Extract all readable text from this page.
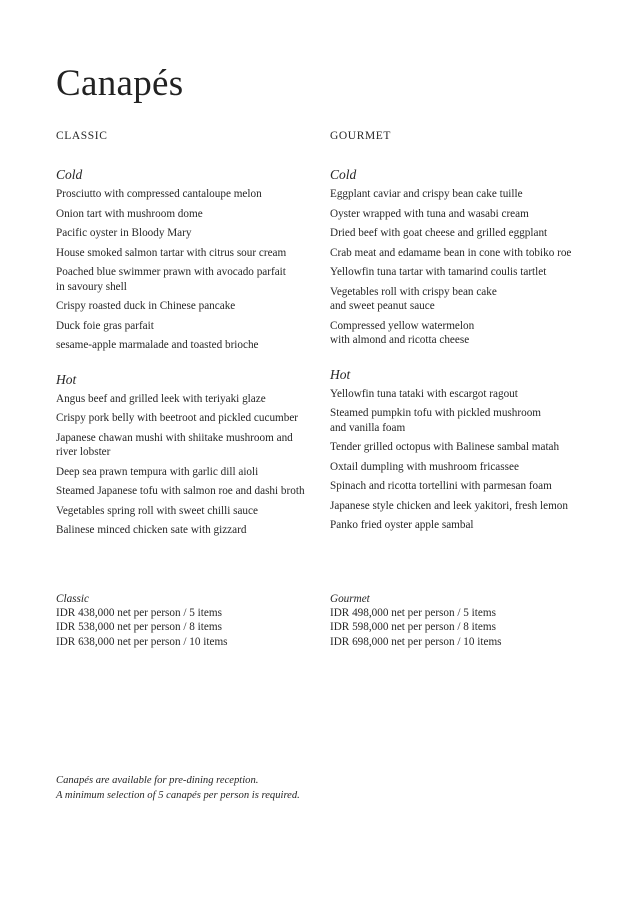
Canapés

CLASSIC

Cold

Prosciutto with compressed cantaloupe melon
Onion tart with mushroom dome
Pacific oyster in Bloody Mary
House smoked salmon tartar with citrus sour cream
Poached blue swimmer prawn with avocado parfait
in savoury shell
Crispy roasted duck in Chinese pancake
Duck foie gras parfait
sesame-apple marmalade and toasted brioche

Hot

Angus beef and grilled leek with teriyaki glaze
Crispy pork belly with beetroot and pickled cucumber
Japanese chawan mushi with shiitake mushroom and
river lobster
Deep sea prawn tempura with garlic dill aioli
Steamed Japanese tofu with salmon roe and dashi broth
Vegetables spring roll with sweet chilli sauce
Balinese minced chicken sate with gizzard

GOURMET

Cold

Eggplant caviar and crispy bean cake tuille
Oyster wrapped with tuna and wasabi cream
Dried beef with goat cheese and grilled eggplant
Crab meat and edamame bean in cone with tobiko roe
Yellowfin tuna tartar with tamarind coulis tartlet
Vegetables roll with crispy bean cake
and sweet peanut sauce
Compressed yellow watermelon
with almond and ricotta cheese

Hot

Yellowfin tuna tataki with escargot ragout
Steamed pumpkin tofu with pickled mushroom
and vanilla foam
Tender grilled octopus with Balinese sambal matah
Oxtail dumpling with mushroom fricassee
Spinach and ricotta tortellini with parmesan foam
Japanese style chicken and leek yakitori, fresh lemon
Panko fried oyster apple sambal
Classic
IDR 438,000 net per person / 5 items
IDR 538,000 net per person / 8 items
IDR 638,000 net per person / 10 items
Gourmet
IDR 498,000 net per person / 5 items
IDR 598,000 net per person / 8 items
IDR 698,000 net per person / 10 items
Canapés are available for pre-dining reception.
A minimum selection of 5 canapés per person is required.
